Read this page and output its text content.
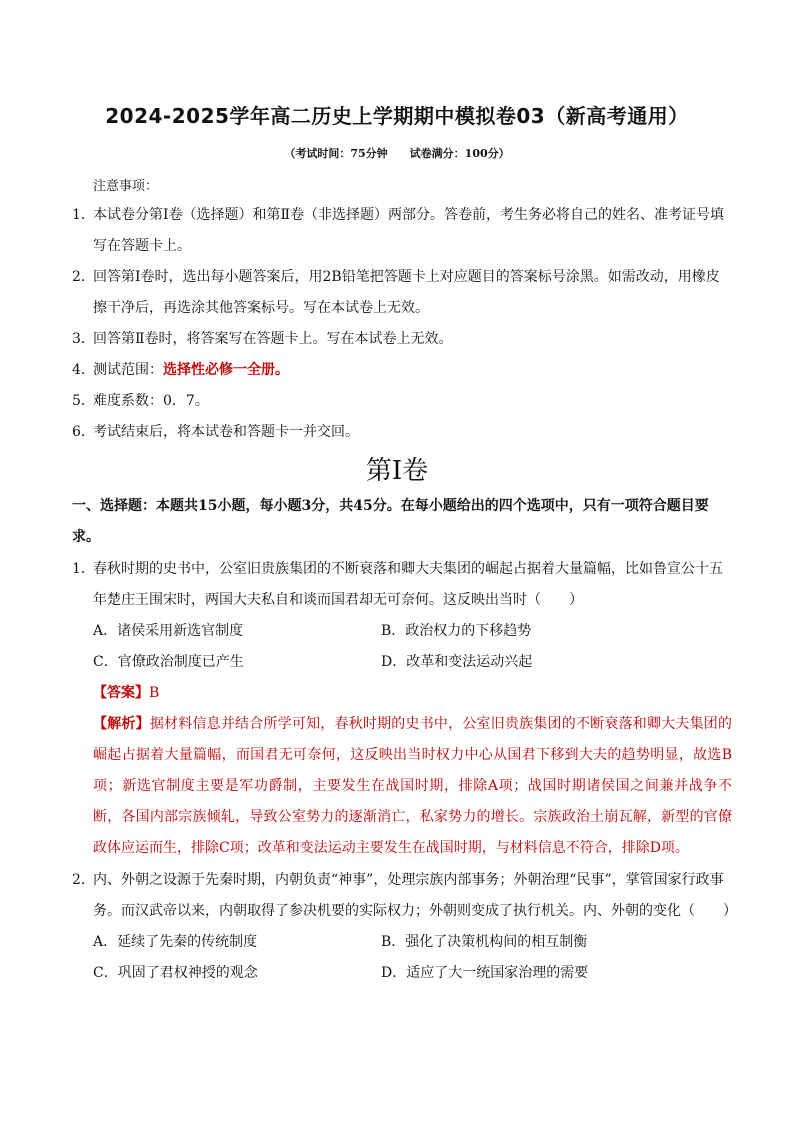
2024-2025学年高二历史上学期期中模拟卷03（新高考通用）
（考试时间：75分钟　　试卷满分：100分）
注意事项：
1．
本试卷分第Ⅰ卷（选择题）和第Ⅱ卷（非选择题）两部分。答卷前，考生务必将自己的姓名、准考证号填写在答题卡上。
2．
回答第Ⅰ卷时，选出每小题答案后，用2B铅笔把答题卡上对应题目的答案标号涂黑。如需改动，用橡皮擦干净后，再选涂其他答案标号。写在本试卷上无效。
3．
回答第Ⅱ卷时，将答案写在答题卡上。写在本试卷上无效。
4．
测试范围：选择性必修一全册。
5．
难度系数：0．7。
6．
考试结束后，将本试卷和答题卡一并交回。
第Ⅰ卷
一、选择题：本题共15小题，每小题3分，共45分。在每小题给出的四个选项中，只有一项符合题目要求。
1．
春秋时期的史书中，公室旧贵族集团的不断衰落和卿大夫集团的崛起占据着大量篇幅，比如鲁宣公十五年楚庄王围宋时，两国大夫私自和谈而国君却无可奈何。这反映出当时（　　）
A．诸侯采用新选官制度	B．政治权力的下移趋势
C．官僚政治制度已产生	D．改革和变法运动兴起
【答案】B
【解析】据材料信息并结合所学可知，春秋时期的史书中，公室旧贵族集团的不断衰落和卿大夫集团的崛起占据着大量篇幅，而国君无可奈何，这反映出当时权力中心从国君下移到大夫的趋势明显，故选B项；新选官制度主要是军功爵制，主要发生在战国时期，排除A项；战国时期诸侯国之间兼并战争不断，各国内部宗族倾轧，导致公室势力的逐渐消亡，私家势力的增长。宗族政治土崩瓦解，新型的官僚政体应运而生，排除C项；改革和变法运动主要发生在战国时期，与材料信息不符合，排除D项。
2．
内、外朝之设源于先秦时期，内朝负责“神事”，处理宗族内部事务；外朝治理“民事”，掌管国家行政事务。而汉武帝以来，内朝取得了参决机要的实际权力；外朝则变成了执行机关。内、外朝的变化（　　）
A．延续了先秦的传统制度	B．强化了决策机构间的相互制衡
C．巩固了君权神授的观念	D．适应了大一统国家治理的需要
